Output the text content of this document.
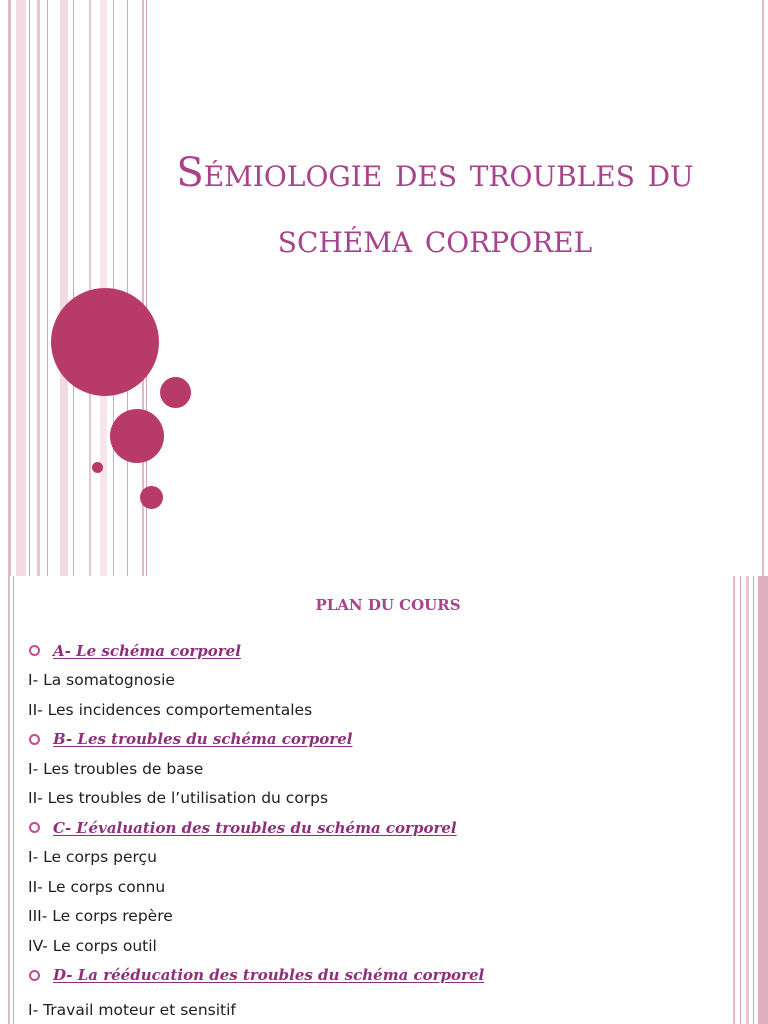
Sémiologie des troubles du schéma corporel
PLAN DU COURS
A- Le schéma corporel
I- La somatognosie
II- Les incidences comportementales
B- Les troubles du schéma corporel
I- Les troubles de base
II- Les troubles de l’utilisation du corps
C- L’évaluation des troubles du schéma corporel
I- Le corps perçu
II- Le corps connu
III- Le corps repère
IV- Le corps outil
D- La rééducation des troubles du schéma corporel
I- Travail moteur et sensitif
